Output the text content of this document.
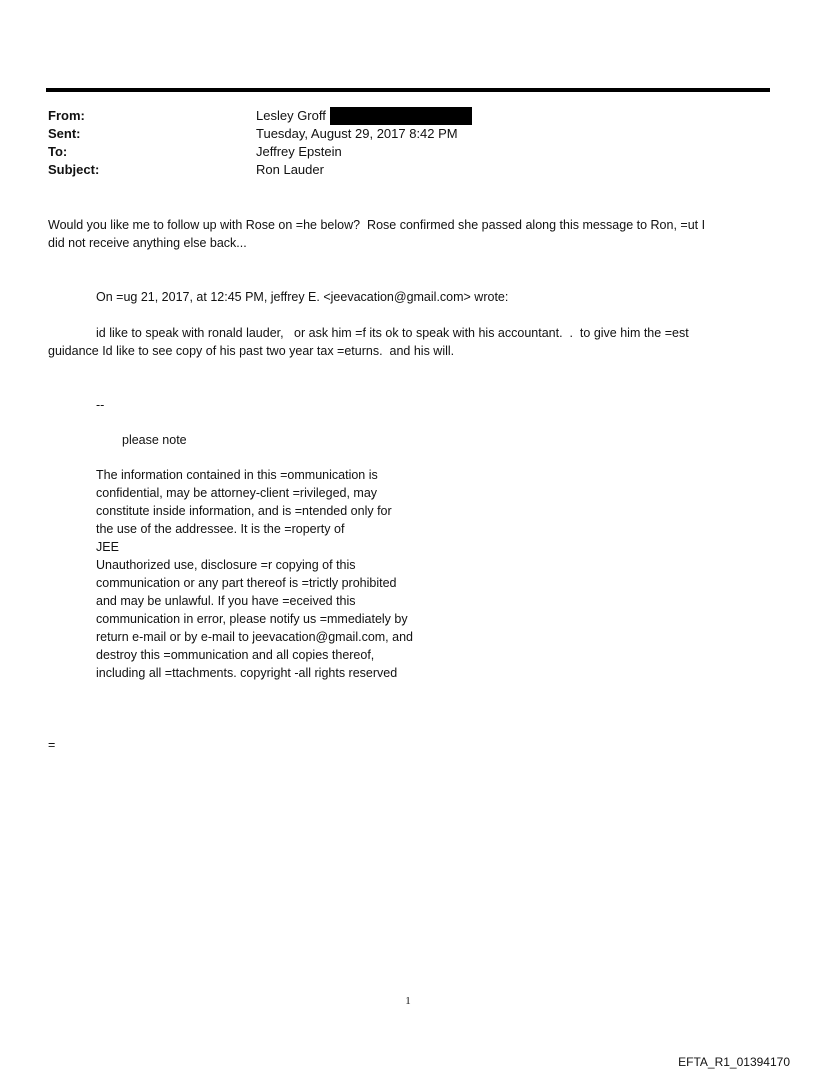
From:	Lesley Groff
Sent:	Tuesday, August 29, 2017 8:42 PM
To:	Jeffrey Epstein
Subject:	Ron Lauder
Would you like me to follow up with Rose on =he below?  Rose confirmed she passed along this message to Ron, =ut I
did not receive anything else back...
On =ug 21, 2017, at 12:45 PM, jeffrey E. <jeevacation@gmail.com> wrote:
id like to speak with ronald lauder,   or ask him =f its ok to speak with his accountant.  .  to give him the =est
guidance Id like to see copy of his past two year tax =eturns.  and his will.
--
please note
The information contained in this =ommunication is
confidential, may be attorney-client =rivileged, may
constitute inside information, and is =ntended only for
the use of the addressee. It is the =roperty of
JEE
Unauthorized use, disclosure =r copying of this
communication or any part thereof is =trictly prohibited
and may be unlawful. If you have =eceived this
communication in error, please notify us =mmediately by
return e-mail or by e-mail to jeevacation@gmail.com, and
destroy this =ommunication and all copies thereof,
including all =ttachments. copyright -all rights reserved
=
1
EFTA_R1_01394170
